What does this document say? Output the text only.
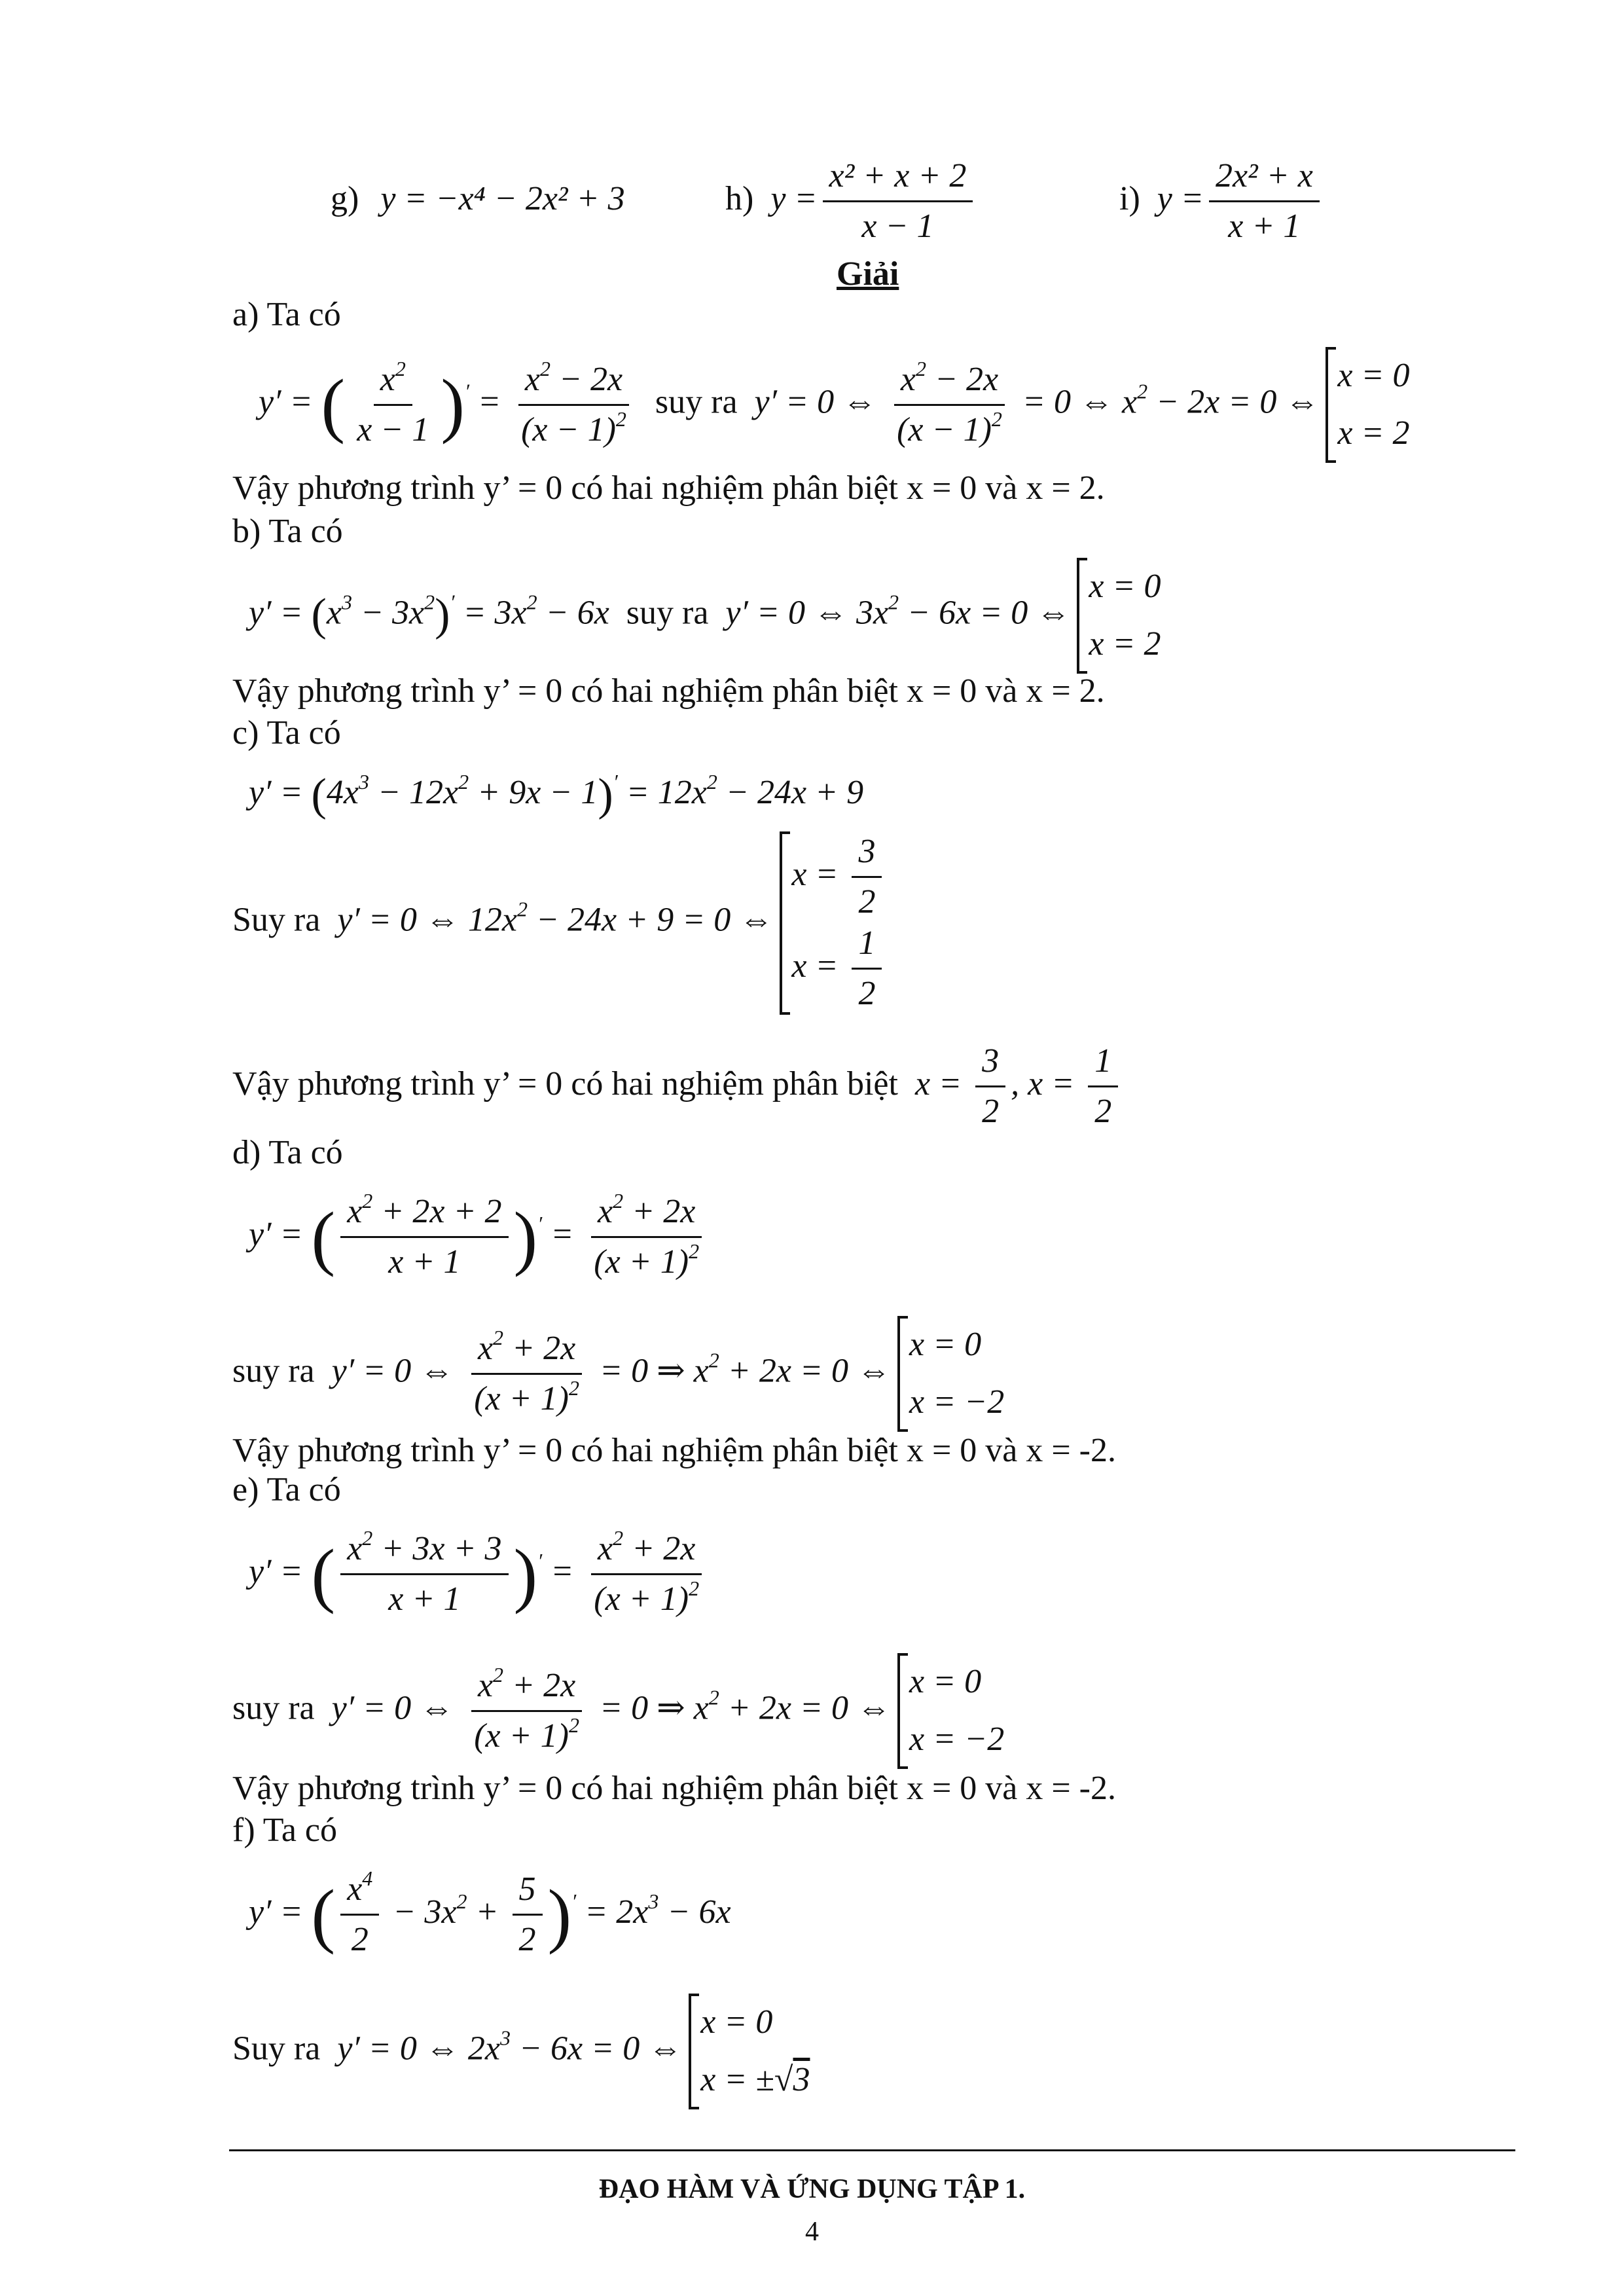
g) y = −x⁴ − 2x² + 3	h)  $y = \frac{\text{x² + x + 2}}{x - 1}$	i)  $y = \frac{\text{2x² + x}}{x + 1}$
Giải
a) Ta có
y′ = ( $\frac{x^2}{x - 1} )' = \frac{x^2 - 2x}{(x - 1)^2}$ suy ra  y′ = 0 ⇔ $\frac{x^2 - 2x}{(x - 1)^2} = 0$ ⇔ $x^2 - 2x = 0$ ⇔
x = 0
x = 2
Vậy phương trình y’ = 0 có hai nghiệm phân biệt x = 0 và x = 2.
b) Ta có
$y' = (x^3 - 3x^2)' = 3x^2 - 6x$  suy ra  y′ = 0 ⇔ $3x^2 - 6x = 0$ ⇔
x = 0
x = 2
Vậy phương trình y’ = 0 có hai nghiệm phân biệt x = 0 và x = 2.
c) Ta có
$y' = (4x^3 - 12x^2 + 9x - 1)' = 12x^2 - 24x + 9$
Suy ra  y′ = 0 ⇔ $12x^2 - 24x + 9 = 0$ ⇔
$x = \frac{3}{2}$
$x = \frac{1}{2}$
Vậy phương trình y’ = 0 có hai nghiệm phân biệt  $x = \frac{3}{2}$ , $x = \frac{1}{2}$
d) Ta có
y′ = ( $\frac{x^2 + 2x + 2}{x + 1} )' = \frac{x^2 + 2x}{(x + 1)^2}$
suy ra  y′ = 0 ⇔ $\frac{x^2 + 2x}{(x + 1)^2} = 0$ ⇒ $x^2 + 2x = 0$ ⇔
x = 0
x = −2
Vậy phương trình y’ = 0 có hai nghiệm phân biệt x = 0 và x = -2.
e) Ta có
y′ = ( $\frac{x^2 + 3x + 3}{x + 1} )' = \frac{x^2 + 2x}{(x + 1)^2}$
suy ra  y′ = 0 ⇔ $\frac{x^2 + 2x}{(x + 1)^2} = 0$ ⇒ $x^2 + 2x = 0$ ⇔
x = 0
x = −2
Vậy phương trình y’ = 0 có hai nghiệm phân biệt x = 0 và x = -2.
f) Ta có
y′ = ( $\frac{x^4}{2} - 3x^2 + \frac{5}{2} )' = 2x^3 - 6x$
Suy ra  y′ = 0 ⇔ $2x^3 - 6x = 0$ ⇔
x = 0
x = ±√3
ĐẠO HÀM VÀ ỨNG DỤNG TẬP 1.
4
